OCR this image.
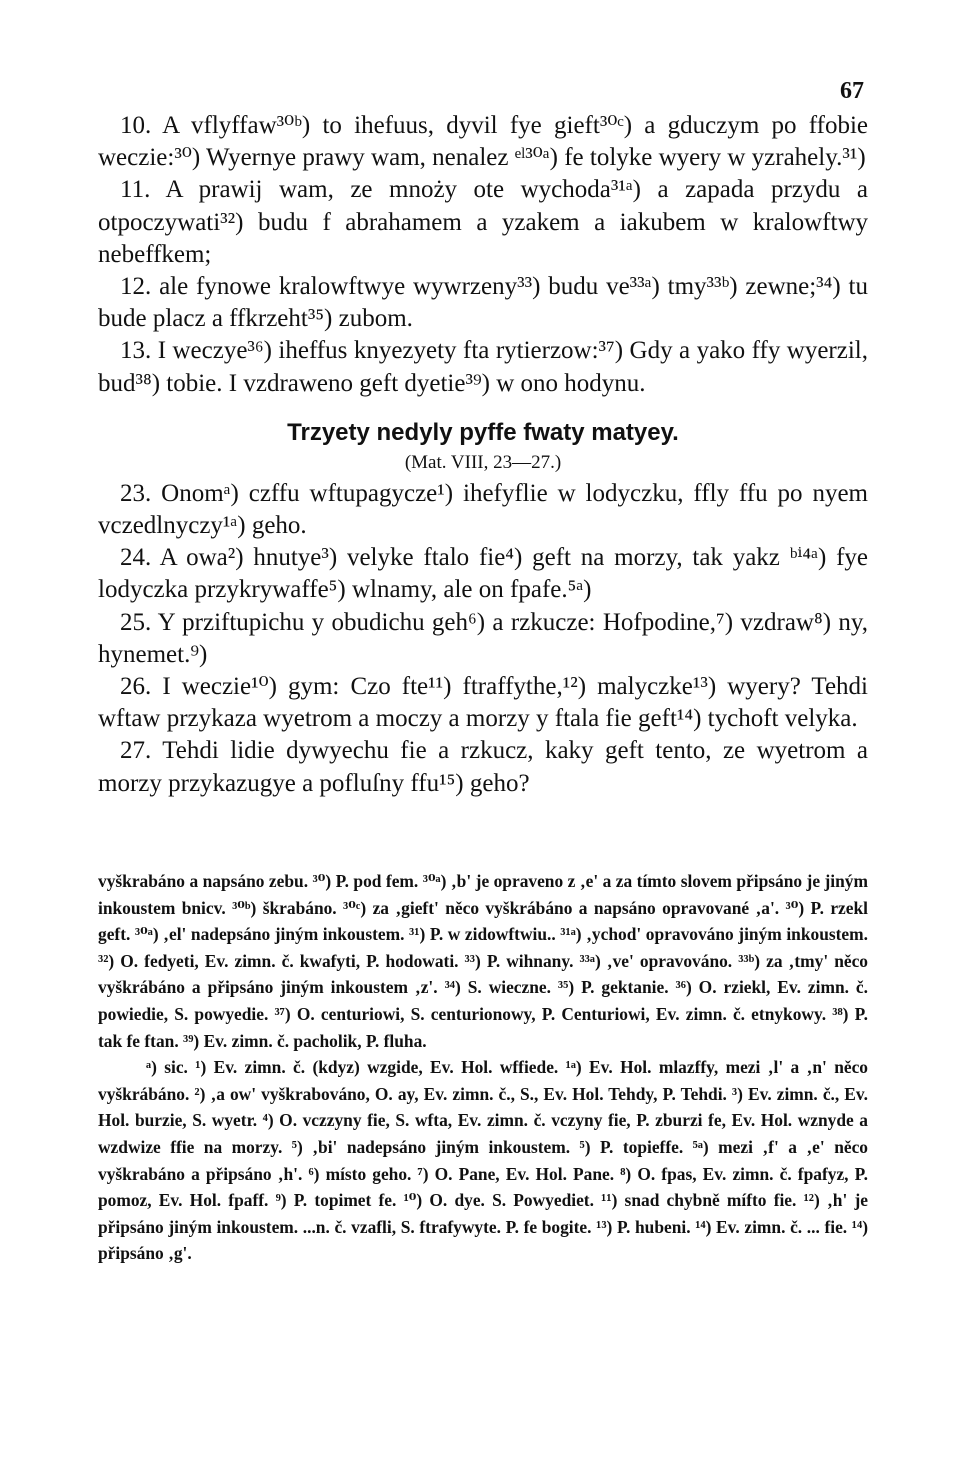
67

10. A vflyffaw³⁰ᵇ) to ihefuus, dyvil fye gieft³⁰ᶜ) a gduczym po ffobie weczie:³⁰) Wyernye prawy wam, nenalez ᵉˡ³⁰ᵃ) fe tolyke wyery w yzrahely.³¹)

11. A prawij wam, ze mnoży ote wychoda³¹ᵃ) a zapada przydu a otpoczywati³²) budu f abrahamem a yzakem a iakubem w kralowftwy nebeffkem;

12. ale fynowe kralowftwye wywrzeny³³) budu ve³³ᵃ) tmy³³ᵇ) zewne;³⁴) tu bude placz a ffkrzeht³⁵) zubom.

13. I weczye³⁶) iheffus knyezyety fta rytierzow:³⁷) Gdy a yako ffy wyerzil, bud³⁸) tobie. I vzdraweno geft dyetie³⁹) w ono hodynu.

Trzyety nedyly pyffe fwaty matyey.
(Mat. VIII, 23—27.)

23. Onomᵃ) czffu wftupagycze¹) ihefyflie w lodyczku, ffly ffu po nyem vczedlnyczy¹ᵃ) geho.

24. A owa²) hnutye³) velyke ftalo fie⁴) geft na morzy, tak yakz ᵇⁱ⁴ᵃ) fye lodyczka przykrywaffe⁵) wlnamy, ale on fpafe.⁵ᵃ)

25. Y prziftupichu y obudichu geh⁶) a rzkucze: Hofpodine,⁷) vzdraw⁸) ny, hynemet.⁹)

26. I weczie¹⁰) gym: Czo fte¹¹) ftraffythe,¹²) malyczke¹³) wyery? Tehdi wftaw przykaza wyetrom a moczy a morzy y ftala fie geft¹⁴) tychoft velyka.

27. Tehdi lidie dywyechu fie a rzkucz, kaky geft tento, ze wyetrom a morzy przykazugye a pofluſny ffu¹⁵) geho?

vyškrabáno a napsáno zebu. ³⁰) P. pod fem. ³⁰ᵃ) ‚b' je opraveno z ‚e' a za tímto slovem připsáno je jiným inkoustem bnicv. ³⁰ᵇ) škrabáno. ³⁰ᶜ) za ‚gieft' něco vyškrábáno a napsáno opravované ‚a'. ³⁰) P. rzekl geft. ³⁰ᵃ) ‚el' nadepsáno jiným inkoustem. ³¹) P. w zidowftwiu.. ³¹ᵃ) ‚ychod' opravováno jiným inkoustem. ³²) O. fedyeti, Ev. zimn. č. kwafyti, P. hodowati. ³³) P. wihnany. ³³ᵃ) ‚ve' opravováno. ³³ᵇ) za ‚tmy' něco vyškrábáno a připsáno jiným inkoustem ‚z'. ³⁴) S. wieczne. ³⁵) P. gektanie. ³⁶) O. rziekl, Ev. zimn. č. powiedie, S. powyedie. ³⁷) O. centuriowi, S. centurionowy, P. Centuriowi, Ev. zimn. č. etnykowy. ³⁸) P. tak fe ftan. ³⁹) Ev. zimn. č. pacholik, P. fluha.

ᵃ) sic. ¹) Ev. zimn. č. (kdyz) wzgide, Ev. Hol. wffiede. ¹ᵃ) Ev. Hol. mlazffy, mezi ‚l' a ‚n' něco vyškrábáno. ²) ‚a ow' vyškrabováno, O. ay, Ev. zimn. č., S., Ev. Hol. Tehdy, P. Tehdi. ³) Ev. zimn. č., Ev. Hol. burzie, S. wyetr. ⁴) O. vczzyny fie, S. wfta, Ev. zimn. č. vczyny fie, P. zburzi fe, Ev. Hol. wznyde a wzdwize ffie na morzy. ⁵) ‚bi' nadepsáno jiným inkoustem. ⁵) P. topieffe. ⁵ᵃ) mezi ‚f' a ‚e' něco vyškrabáno a připsáno ‚h'. ⁶) místo geho. ⁷) O. Pane, Ev. Hol. Pane. ⁸) O. fpas, Ev. zimn. č. fpafyz, P. pomoz, Ev. Hol. fpaff. ⁹) P. topimet fe. ¹⁰) O. dye. S. Powyediet. ¹¹) snad chybně mífto fie. ¹²) ‚h' je připsáno jiným inkoustem. ...n. č. vzafli, S. ftrafywyte. P. fe bogite. ¹³) P. hubeni. ¹⁴) Ev. zimn. č. ... fie. ¹⁴) připsáno ‚g'.
